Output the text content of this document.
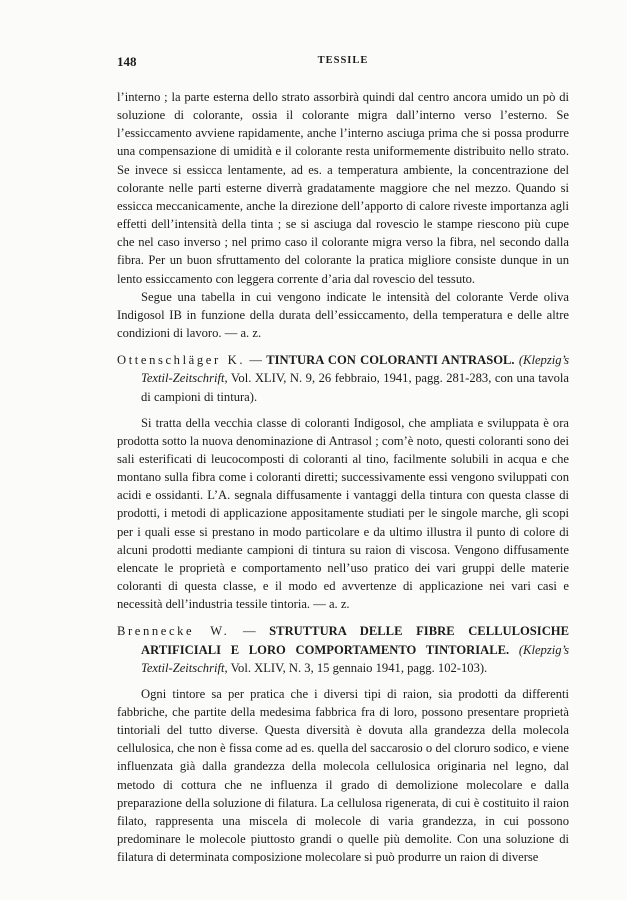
148	TESSILE

l’interno ; la parte esterna dello strato assorbirà quindi dal centro ancora umido un pò di soluzione di colorante, ossia il colorante migra dall’interno verso l’esterno. Se l’essiccamento avviene rapidamente, anche l’interno asciuga prima che si possa produrre una compensazione di umidità e il colorante resta uniformemente distribuito nello strato. Se invece si essicca lentamente, ad es. a temperatura ambiente, la concentrazione del colorante nelle parti esterne diverrà gradatamente maggiore che nel mezzo. Quando si essicca meccanicamente, anche la direzione dell’apporto di calore riveste importanza agli effetti dell’intensità della tinta ; se si asciuga dal rovescio le stampe riescono più cupe che nel caso inverso ; nel primo caso il colorante migra verso la fibra, nel secondo dalla fibra. Per un buon sfruttamento del colorante la pratica migliore consiste dunque in un lento essiccamento con leggera corrente d’aria dal rovescio del tessuto.

Segue una tabella in cui vengono indicate le intensità del colorante Verde oliva Indigosol IB in funzione della durata dell’essiccamento, della temperatura e delle altre condizioni di lavoro. — a. z.

Ottenschläger K. — TINTURA CON COLORANTI ANTRASOL. (Klepzig’s Textil-Zeitschrift, Vol. XLIV, N. 9, 26 febbraio, 1941, pagg. 281-283, con una tavola di campioni di tintura).

Si tratta della vecchia classe di coloranti Indigosol, che ampliata e sviluppata è ora prodotta sotto la nuova denominazione di Antrasol ; com’è noto, questi coloranti sono dei sali esterificati di leucocomposti di coloranti al tino, facilmente solubili in acqua e che montano sulla fibra come i coloranti diretti; successivamente essi vengono sviluppati con acidi e ossidanti. L’A. segnala diffusamente i vantaggi della tintura con questa classe di prodotti, i metodi di applicazione appositamente studiati per le singole marche, gli scopi per i quali esse si prestano in modo particolare e da ultimo illustra il punto di colore di alcuni prodotti mediante campioni di tintura su raion di viscosa. Vengono diffusamente elencate le proprietà e comportamento nell’uso pratico dei vari gruppi delle materie coloranti di questa classe, e il modo ed avvertenze di applicazione nei vari casi e necessità dell’industria tessile tintoria. — a. z.

Brennecke W. — STRUTTURA DELLE FIBRE CELLULOSICHE ARTIFICIALI E LORO COMPORTAMENTO TINTORIALE. (Klepzig’s Textil-Zeitschrift, Vol. XLIV, N. 3, 15 gennaio 1941, pagg. 102-103).

Ogni tintore sa per pratica che i diversi tipi di raion, sia prodotti da differenti fabbriche, che partite della medesima fabbrica fra di loro, possono presentare proprietà tintoriali del tutto diverse. Questa diversità è dovuta alla grandezza della molecola cellulosica, che non è fissa come ad es. quella del saccarosio o del cloruro sodico, e viene influenzata già dalla grandezza della molecola cellulosica originaria nel legno, dal metodo di cottura che ne influenza il grado di demolizione molecolare e dalla preparazione della soluzione di filatura. La cellulosa rigenerata, di cui è costituito il raion filato, rappresenta una miscela di molecole di varia grandezza, in cui possono predominare le molecole piuttosto grandi o quelle più demolite. Con una soluzione di filatura di determinata composizione molecolare si può produrre un raion di diverse
